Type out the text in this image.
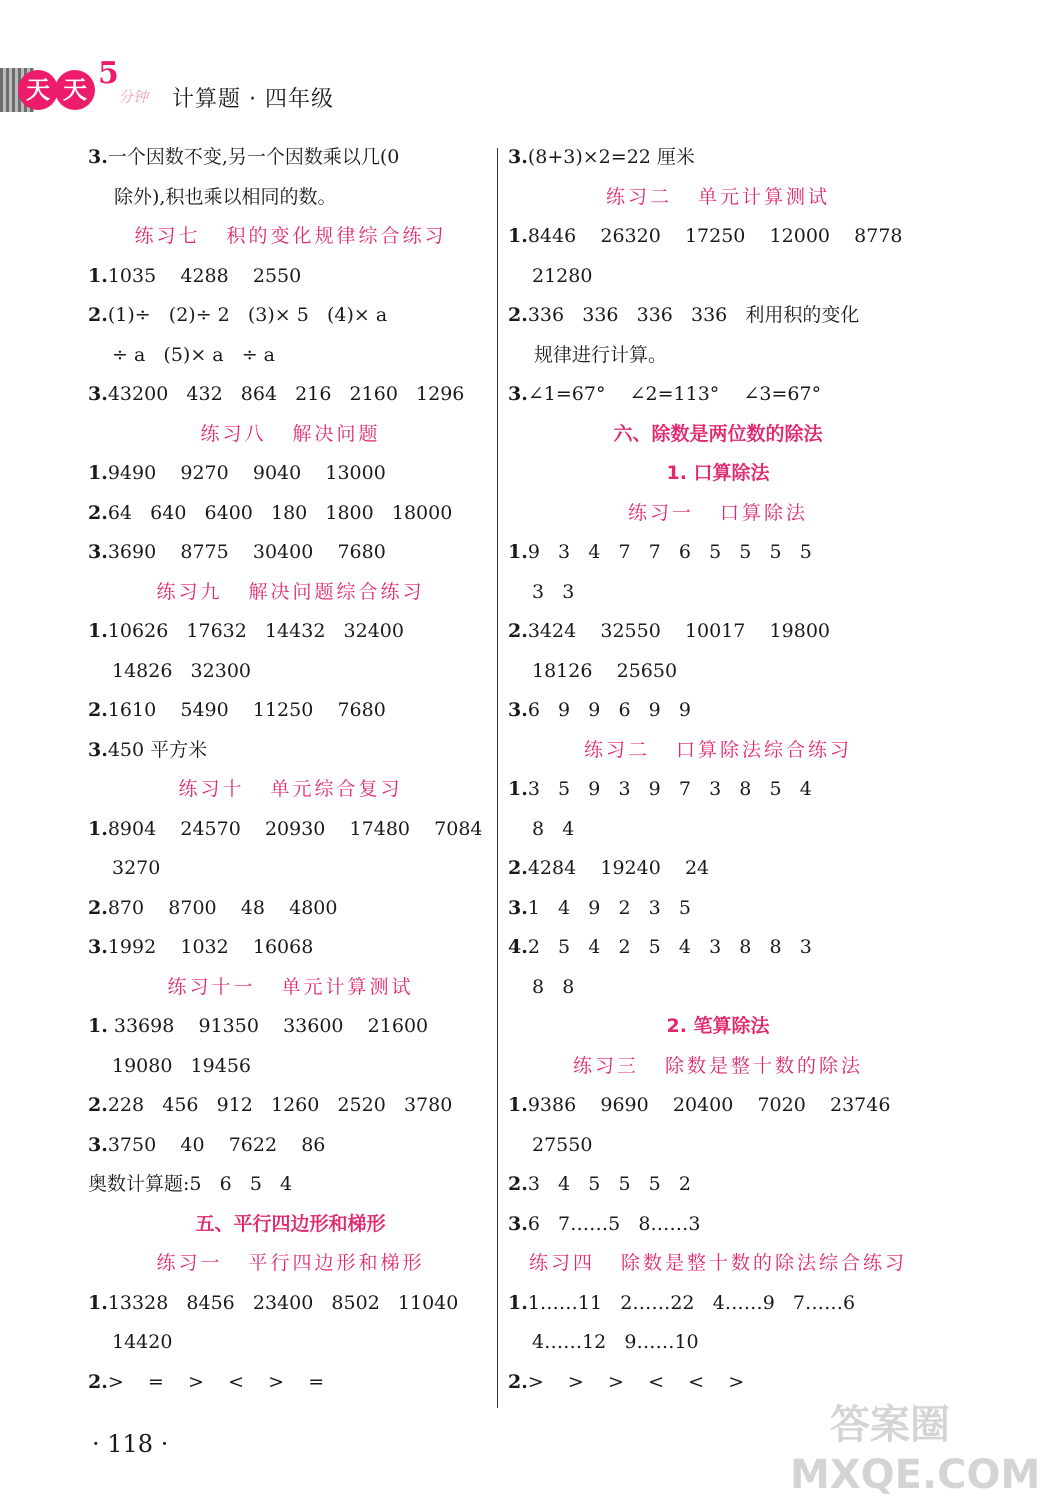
天 天 5
分钟 计算题 · 四年级
3.一个因数不变,另一个因数乘以几(0
除外),积也乘以相同的数。
练习七 积的变化规律综合练习
1.1035    4288    2550
2.(1)÷   (2)÷ 2   (3)× 5   (4)× a
÷ a   (5)× a   ÷ a
3.43200   432   864   216   2160   1296
练习八 解决问题
1.9490    9270    9040    13000
2.64   640   6400   180   1800   18000
3.3690    8775    30400    7680
练习九 解决问题综合练习
1.10626   17632   14432   32400
14826   32300
2.1610    5490    11250    7680
3.450 平方米
练习十 单元综合复习
1.8904    24570    20930    17480    7084
3270
2.870    8700    48    4800
3.1992    1032    16068
练习十一 单元计算测试
1. 33698    91350    33600    21600
19080   19456
2.228   456   912   1260   2520   3780
3.3750    40    7622    86
奥数计算题:5   6   5   4
五、平行四边形和梯形
练习一 平行四边形和梯形
1.13328   8456   23400   8502   11040
14420
2.>    =    >    <    >    =
3.(8+3)×2=22 厘米
练习二 单元计算测试
1.8446    26320    17250    12000    8778
21280
2.336   336   336   336   利用积的变化
规律进行计算。
3.∠1=67°    ∠2=113°    ∠3=67°
六、除数是两位数的除法
1. 口算除法
练习一 口算除法
1.9   3   4   7   7   6   5   5   5   5
3   3
2.3424    32550    10017    19800
18126    25650
3.6   9   9   6   9   9
练习二 口算除法综合练习
1.3   5   9   3   9   7   3   8   5   4
8   4
2.4284    19240    24
3.1   4   9   2   3   5
4.2   5   4   2   5   4   3   8   8   3
8   8
2. 笔算除法
练习三 除数是整十数的除法
1.9386    9690    20400    7020    23746
27550
2.3   4   5   5   5   2
3.6   7……5   8……3
练习四 除数是整十数的除法综合练习
1.1……11   2……22   4……9   7……6
4……12   9……10
2.>    >    >    <    <    >
· 118 ·	答案圈 MXQE.COM
